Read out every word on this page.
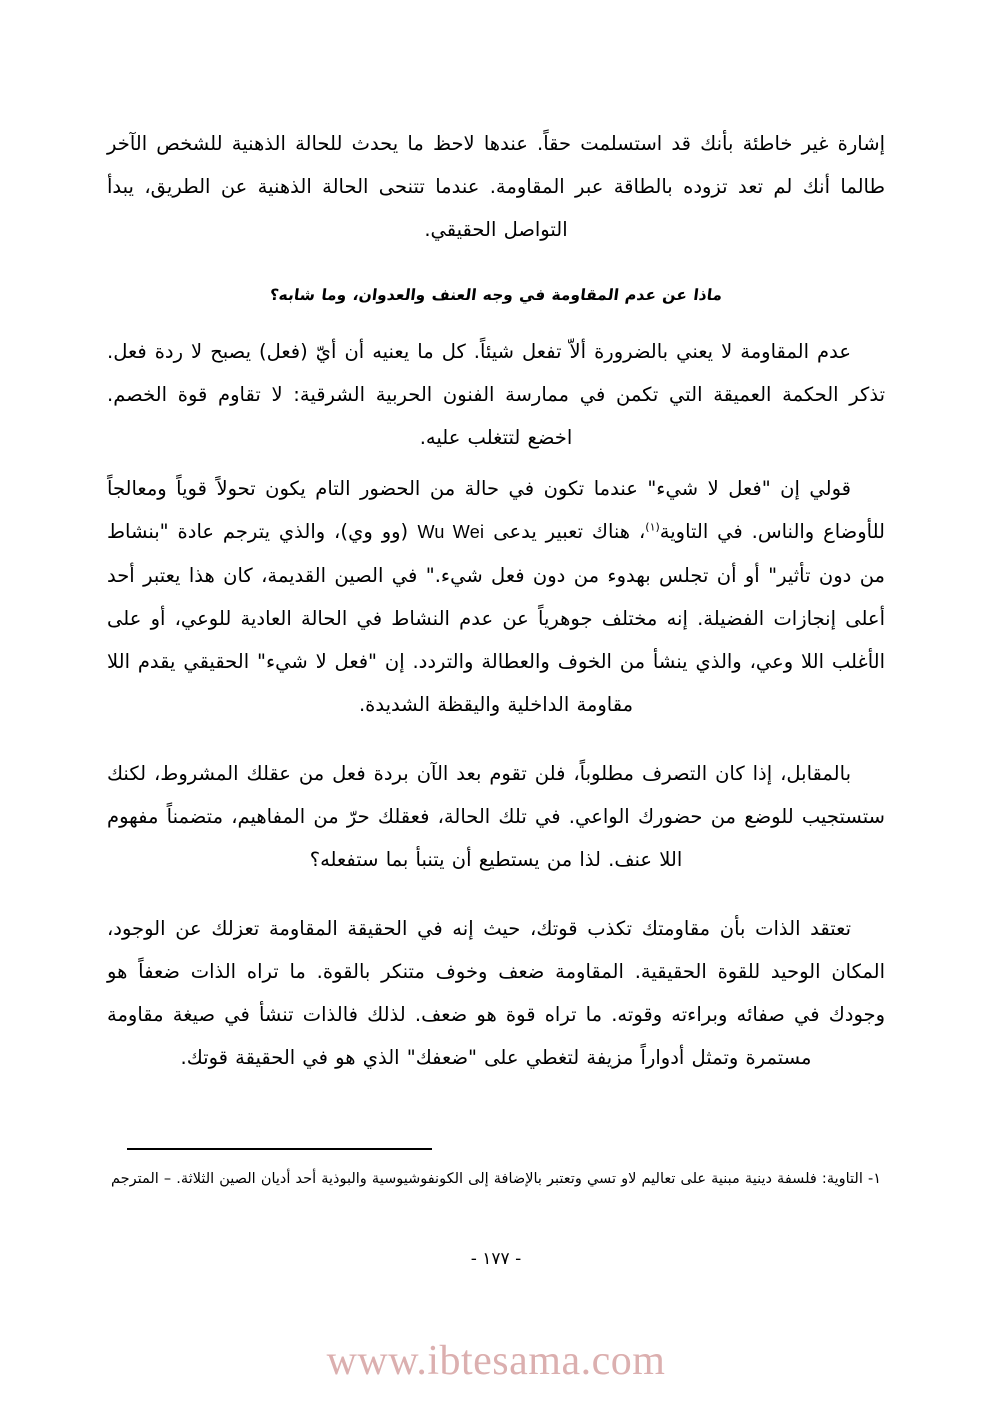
إشارة غير خاطئة بأنك قد استسلمت حقاً. عندها لاحظ ما يحدث للحالة الذهنية للشخص الآخر طالما أنك لم تعد تزوده بالطاقة عبر المقاومة. عندما تتنحى الحالة الذهنية عن الطريق، يبدأ التواصل الحقيقي.

ماذا عن عدم المقاومة في وجه العنف والعدوان، وما شابه؟

عدم المقاومة لا يعني بالضرورة ألاّ تفعل شيئاً. كل ما يعنيه أن أيّ (فعل) يصبح لا ردة فعل. تذكر الحكمة العميقة التي تكمن في ممارسة الفنون الحربية الشرقية: لا تقاوم قوة الخصم. اخضع لتتغلب عليه.

قولي إن "فعل لا شيء" عندما تكون في حالة من الحضور التام يكون تحولاً قوياً ومعالجاً للأوضاع والناس. في التاوية$^{(١)}$، هناك تعبير يدعى Wu Wei (وو وي)، والذي يترجم عادة "بنشاط من دون تأثير" أو أن تجلس بهدوء من دون فعل شيء." في الصين القديمة، كان هذا يعتبر أحد أعلى إنجازات الفضيلة. إنه مختلف جوهرياً عن عدم النشاط في الحالة العادية للوعي، أو على الأغلب اللا وعي، والذي ينشأ من الخوف والعطالة والتردد. إن "فعل لا شيء" الحقيقي يقدم اللا مقاومة الداخلية واليقظة الشديدة.

بالمقابل، إذا كان التصرف مطلوباً، فلن تقوم بعد الآن بردة فعل من عقلك المشروط، لكنك ستستجيب للوضع من حضورك الواعي. في تلك الحالة، فعقلك حرّ من المفاهيم، متضمناً مفهوم اللا عنف. لذا من يستطيع أن يتنبأ بما ستفعله؟

تعتقد الذات بأن مقاومتك تكذب قوتك، حيث إنه في الحقيقة المقاومة تعزلك عن الوجود، المكان الوحيد للقوة الحقيقية. المقاومة ضعف وخوف متنكر بالقوة. ما تراه الذات ضعفاً هو وجودك في صفائه وبراءته وقوته. ما تراه قوة هو ضعف. لذلك فالذات تنشأ في صيغة مقاومة مستمرة وتمثل أدواراً مزيفة لتغطي على "ضعفك" الذي هو في الحقيقة قوتك.

١- التاوية: فلسفة دينية مبنية على تعاليم لاو تسي وتعتبر بالإضافة إلى الكونفوشيوسية والبوذية أحد أديان الصين الثلاثة. – المترجم
- ١٧٧ -
www.ibtesama.com
